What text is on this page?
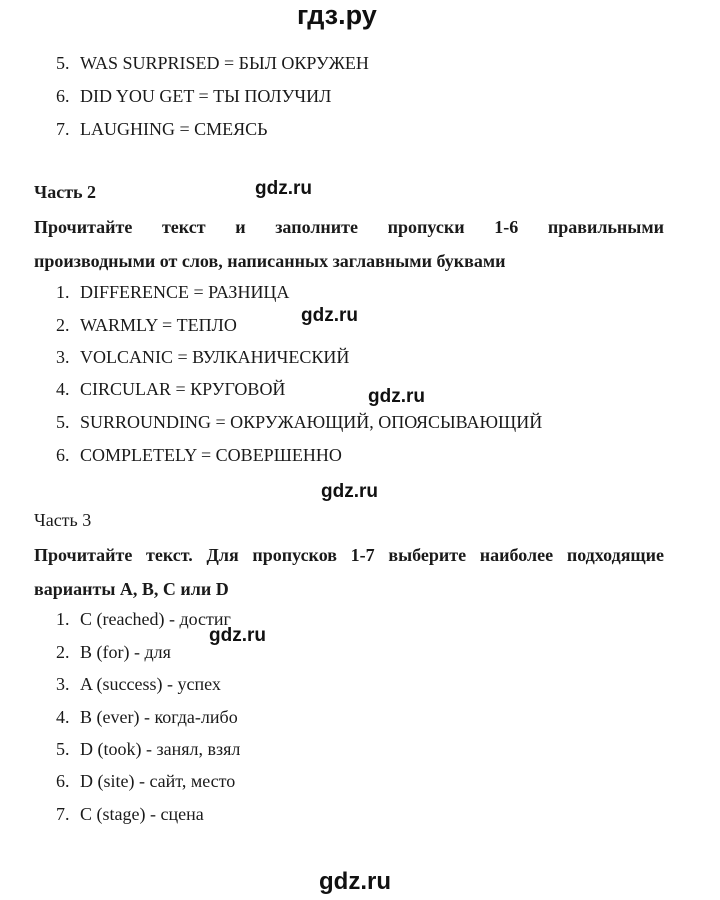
гдз.ру
gdz.ru
gdz.ru
gdz.ru
gdz.ru
gdz.ru
gdz.ru
5. WAS SURPRISED = БЫЛ ОКРУЖЕН
6. DID YOU GET = ТЫ ПОЛУЧИЛ
7. LAUGHING = СМЕЯСЬ
Часть 2
Прочитайте текст и заполните пропуски 1-6 правильными
производными от слов, написанных заглавными буквами
1. DIFFERENCE = РАЗНИЦА
2. WARMLY = ТЕПЛО
3. VOLCANIC = ВУЛКАНИЧЕСКИЙ
4. CIRCULAR = КРУГОВОЙ
5. SURROUNDING = ОКРУЖАЮЩИЙ, ОПОЯСЫВАЮЩИЙ
6. COMPLETELY = СОВЕРШЕННО
Часть 3
Прочитайте текст. Для пропусков 1-7 выберите наиболее подходящие
варианты A, B, C или D
1. C (reached) - достиг
2. B (for) - для
3. A (success) - успех
4. B (ever) - когда-либо
5. D (took) - занял, взял
6. D (site) - сайт, место
7. C (stage) - сцена
